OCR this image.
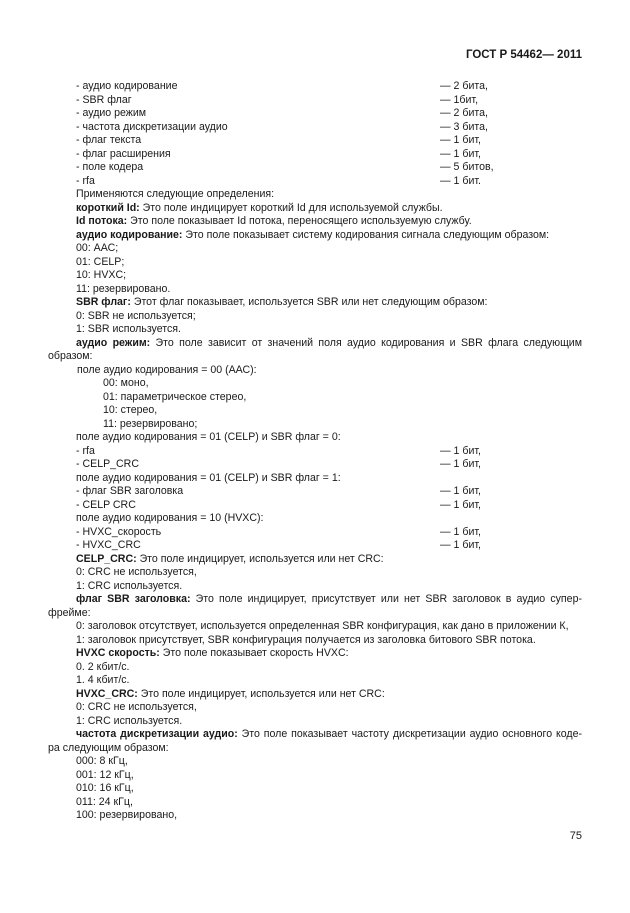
ГОСТ Р 54462— 2011
- аудио кодирование	— 2 бита,
- SBR флаг	— 1бит,
- аудио режим	— 2 бита,
- частота дискретизации аудио	— 3 бита,
- флаг текста	— 1 бит,
- флаг расширения	— 1 бит,
- поле кодера	— 5 битов,
- rfa	— 1 бит.
Применяются следующие определения:
короткий Id: Это поле индицирует короткий Id для используемой службы.
Id потока: Это поле показывает Id потока, переносящего используемую службу.
аудио кодирование: Это поле показывает систему кодирования сигнала следующим образом:
00: ААС;
01: CELP;
10: HVXC;
11: резервировано.
SBR флаг: Этот флаг показывает, используется SBR или нет следующим образом:
0: SBR не используется;
1: SBR используется.
аудио режим: Это поле зависит от значений поля аудио кодирования и SBR флага следующим
образом:
поле аудио кодирования = 00 (ААС):
00: моно,
01: параметрическое стерео,
10: стерео,
11: резервировано;
поле аудио кодирования = 01 (CELP) и SBR флаг = 0:
- rfa	— 1 бит,
- CELP_CRC	— 1 бит,
поле аудио кодирования = 01 (CELP) и SBR флаг = 1:
- флаг SBR заголовка	— 1 бит,
- CELP CRC	— 1 бит,
поле аудио кодирования = 10 (HVXC):
- HVXC_скорость	— 1 бит,
- HVXC_CRC	— 1 бит,
CELP_CRC: Это поле индицирует, используется или нет CRC:
0: CRC не используется,
1: CRC используется.
флаг SBR заголовка: Это поле индицирует, присутствует или нет SBR заголовок в аудио супер-
фрейме:
0: заголовок отсутствует, используется определенная SBR конфигурация, как дано в приложении К,
1: заголовок присутствует, SBR конфигурация получается из заголовка битового SBR потока.
HVXC скорость: Это поле показывает скорость HVXC:
0. 2 кбит/с.
1. 4 кбит/с.
HVXC_CRC: Это поле индицирует, используется или нет CRC:
0: CRC не используется,
1: CRC используется.
частота дискретизации аудио: Это поле показывает частоту дискретизации аудио основного коде-
ра следующим образом:
000: 8 кГц,
001: 12 кГц,
010: 16 кГц,
011: 24 кГц,
100: резервировано,
75
